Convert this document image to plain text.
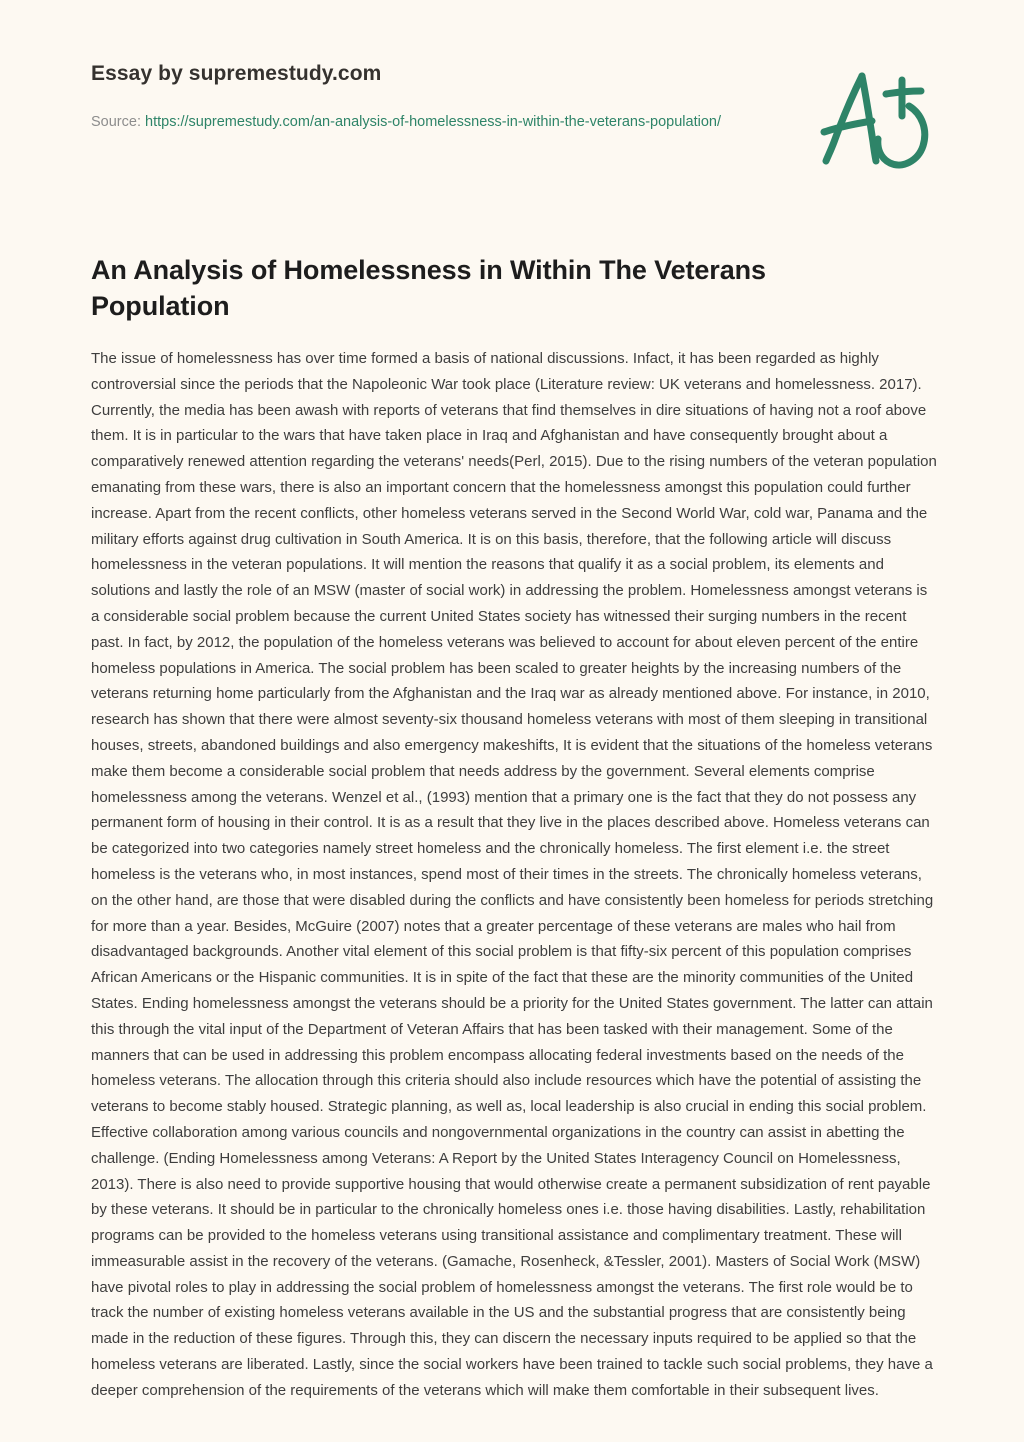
Essay by supremestudy.com
Source: https://supremestudy.com/an-analysis-of-homelessness-in-within-the-veterans-population/
An Analysis of Homelessness in Within The Veterans Population

The issue of homelessness has over time formed a basis of national discussions. Infact, it has been regarded as highly controversial since the periods that the Napoleonic War took place (Literature review: UK veterans and homelessness. 2017). Currently, the media has been awash with reports of veterans that find themselves in dire situations of having not a roof above them. It is in particular to the wars that have taken place in Iraq and Afghanistan and have consequently brought about a comparatively renewed attention regarding the veterans' needs(Perl, 2015). Due to the rising numbers of the veteran population emanating from these wars, there is also an important concern that the homelessness amongst this population could further increase. Apart from the recent conflicts, other homeless veterans served in the Second World War, cold war, Panama and the military efforts against drug cultivation in South America. It is on this basis, therefore, that the following article will discuss homelessness in the veteran populations. It will mention the reasons that qualify it as a social problem, its elements and solutions and lastly the role of an MSW (master of social work) in addressing the problem. Homelessness amongst veterans is a considerable social problem because the current United States society has witnessed their surging numbers in the recent past. In fact, by 2012, the population of the homeless veterans was believed to account for about eleven percent of the entire homeless populations in America. The social problem has been scaled to greater heights by the increasing numbers of the veterans returning home particularly from the Afghanistan and the Iraq war as already mentioned above. For instance, in 2010, research has shown that there were almost seventy-six thousand homeless veterans with most of them sleeping in transitional houses, streets, abandoned buildings and also emergency makeshifts, It is evident that the situations of the homeless veterans make them become a considerable social problem that needs address by the government. Several elements comprise homelessness among the veterans. Wenzel et al., (1993) mention that a primary one is the fact that they do not possess any permanent form of housing in their control. It is as a result that they live in the places described above. Homeless veterans can be categorized into two categories namely street homeless and the chronically homeless. The first element i.e. the street homeless is the veterans who, in most instances, spend most of their times in the streets. The chronically homeless veterans, on the other hand, are those that were disabled during the conflicts and have consistently been homeless for periods stretching for more than a year. Besides, McGuire (2007) notes that a greater percentage of these veterans are males who hail from disadvantaged backgrounds. Another vital element of this social problem is that fifty-six percent of this population comprises African Americans or the Hispanic communities. It is in spite of the fact that these are the minority communities of the United States. Ending homelessness amongst the veterans should be a priority for the United States government. The latter can attain this through the vital input of the Department of Veteran Affairs that has been tasked with their management. Some of the manners that can be used in addressing this problem encompass allocating federal investments based on the needs of the homeless veterans. The allocation through this criteria should also include resources which have the potential of assisting the veterans to become stably housed. Strategic planning, as well as, local leadership is also crucial in ending this social problem. Effective collaboration among various councils and nongovernmental organizations in the country can assist in abetting the challenge. (Ending Homelessness among Veterans: A Report by the United States Interagency Council on Homelessness, 2013). There is also need to provide supportive housing that would otherwise create a permanent subsidization of rent payable by these veterans. It should be in particular to the chronically homeless ones i.e. those having disabilities. Lastly, rehabilitation programs can be provided to the homeless veterans using transitional assistance and complimentary treatment. These will immeasurable assist in the recovery of the veterans. (Gamache, Rosenheck, &Tessler, 2001). Masters of Social Work (MSW) have pivotal roles to play in addressing the social problem of homelessness amongst the veterans. The first role would be to track the number of existing homeless veterans available in the US and the substantial progress that are consistently being made in the reduction of these figures. Through this, they can discern the necessary inputs required to be applied so that the homeless veterans are liberated. Lastly, since the social workers have been trained to tackle such social problems, they have a deeper comprehension of the requirements of the veterans which will make them comfortable in their subsequent lives.
